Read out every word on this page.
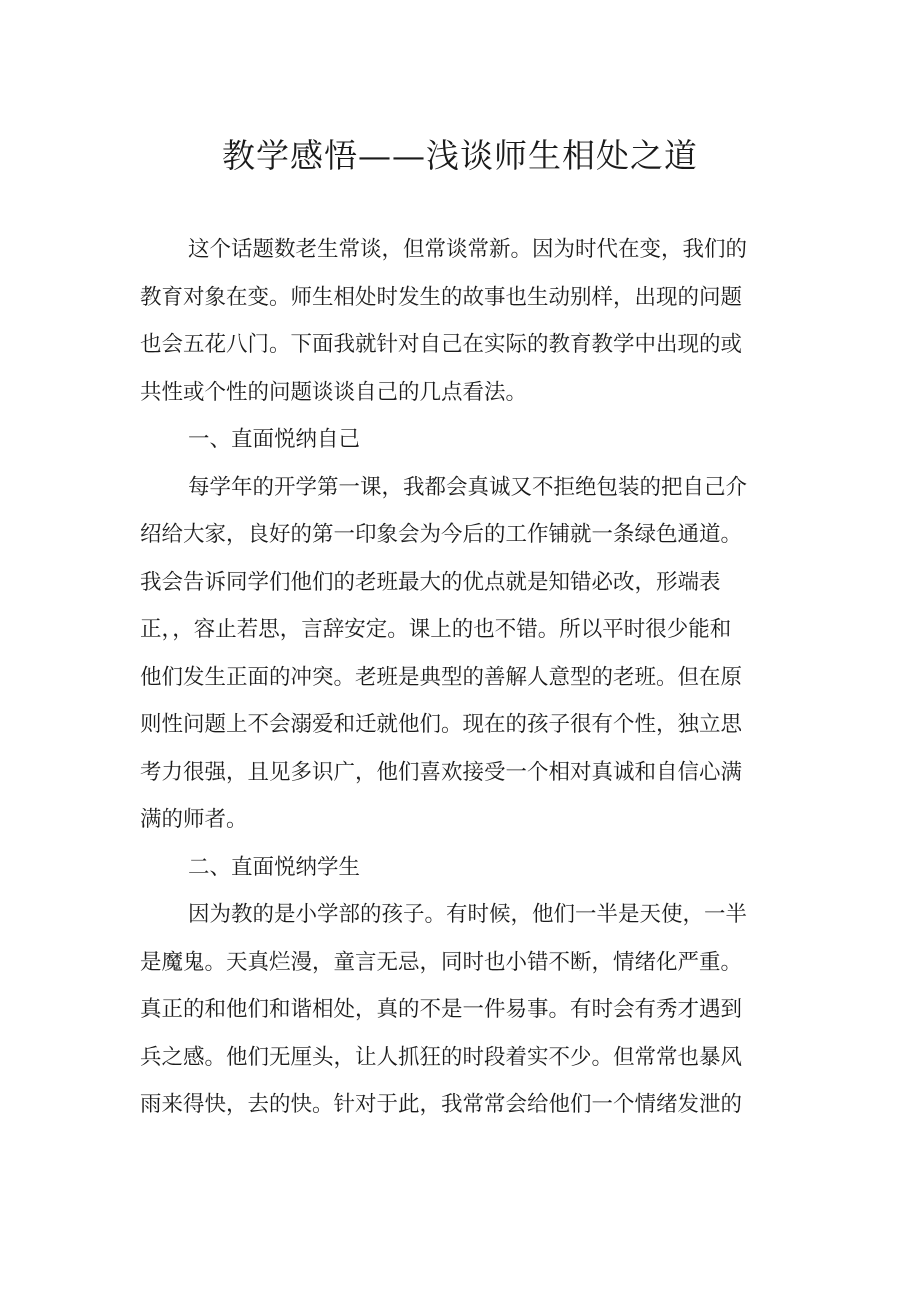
教学感悟——浅谈师生相处之道
这个话题数老生常谈，但常谈常新。因为时代在变，我们的
教育对象在变。师生相处时发生的故事也生动别样，出现的问题
也会五花八门。下面我就针对自己在实际的教育教学中出现的或
共性或个性的问题谈谈自己的几点看法。
一、直面悦纳自己
每学年的开学第一课，我都会真诚又不拒绝包装的把自己介
绍给大家，良好的第一印象会为今后的工作铺就一条绿色通道。
我会告诉同学们他们的老班最大的优点就是知错必改，形端表
正，，容止若思，言辞安定。课上的也不错。所以平时很少能和
他们发生正面的冲突。老班是典型的善解人意型的老班。但在原
则性问题上不会溺爱和迁就他们。现在的孩子很有个性，独立思
考力很强，且见多识广，他们喜欢接受一个相对真诚和自信心满
满的师者。
二、直面悦纳学生
因为教的是小学部的孩子。有时候，他们一半是天使，一半
是魔鬼。天真烂漫，童言无忌，同时也小错不断，情绪化严重。
真正的和他们和谐相处，真的不是一件易事。有时会有秀才遇到
兵之感。他们无厘头，让人抓狂的时段着实不少。但常常也暴风
雨来得快，去的快。针对于此，我常常会给他们一个情绪发泄的
